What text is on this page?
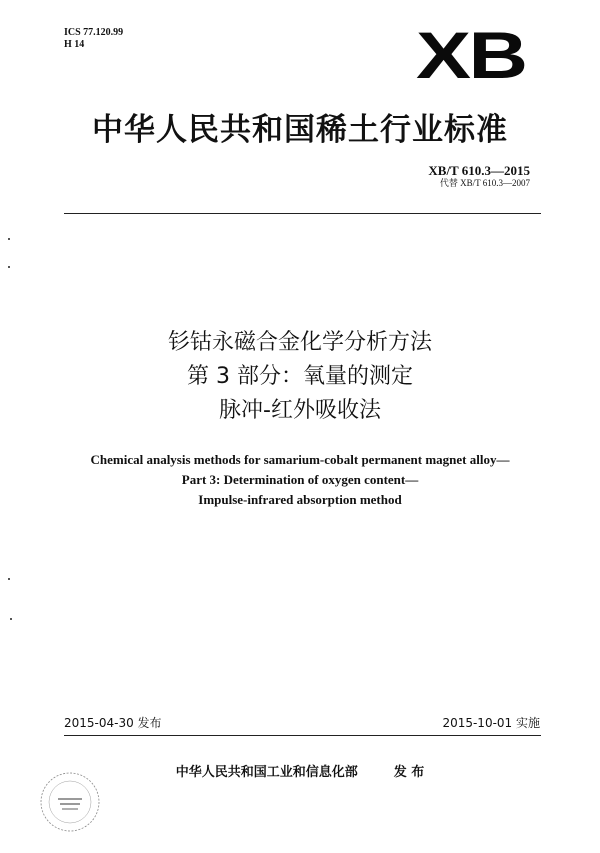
ICS 77.120.99
H 14	XB
中华人民共和国稀土行业标准
XB/T 610.3—2015
代替 XB/T 610.3—2007
钐钴永磁合金化学分析方法
第 3 部分：氧量的测定
脉冲-红外吸收法
Chemical analysis methods for samarium-cobalt permanent magnet alloy—
Part 3: Determination of oxygen content—
Impulse-infrared absorption method
2015-04-30 发布	2015-10-01 实施
中华人民共和国工业和信息化部	发 布
